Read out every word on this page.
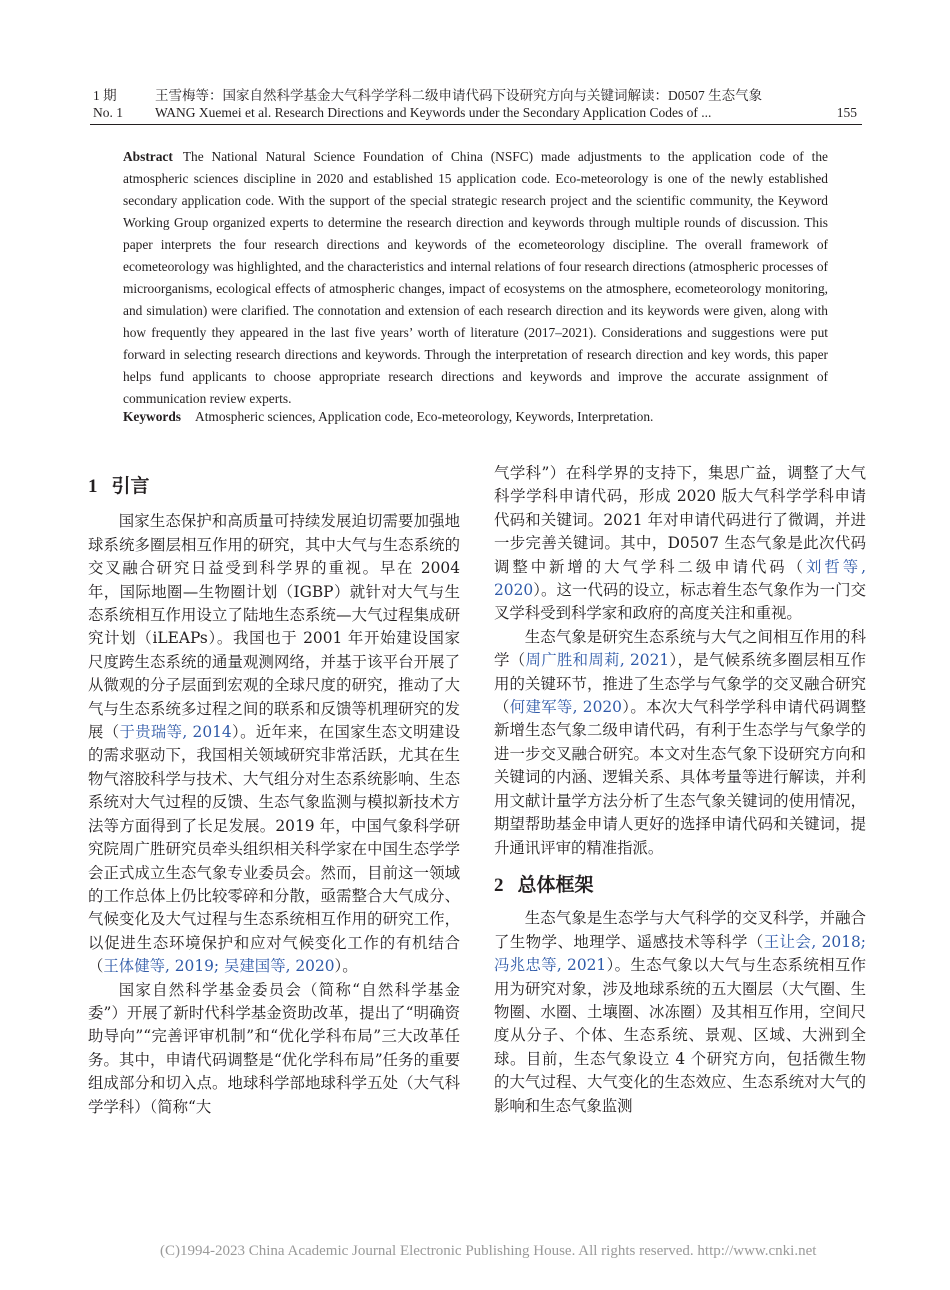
1 期	王雪梅等：国家自然科学基金大气科学学科二级申请代码下设研究方向与关键词解读：D0507 生态气象
No. 1 WANG Xuemei et al. Research Directions and Keywords under the Secondary Application Codes of ...	155
Abstract The National Natural Science Foundation of China (NSFC) made adjustments to the application code of the atmospheric sciences discipline in 2020 and established 15 application code. Eco-meteorology is one of the newly established secondary application code. With the support of the special strategic research project and the scientific community, the Keyword Working Group organized experts to determine the research direction and keywords through multiple rounds of discussion. This paper interprets the four research directions and keywords of the ecometeorology discipline. The overall framework of ecometeorology was highlighted, and the characteristics and internal relations of four research directions (atmospheric processes of microorganisms, ecological effects of atmospheric changes, impact of ecosystems on the atmosphere, ecometeorology monitoring, and simulation) were clarified. The connotation and extension of each research direction and its keywords were given, along with how frequently they appeared in the last five years’ worth of literature (2017–2021). Considerations and suggestions were put forward in selecting research directions and keywords. Through the interpretation of research direction and key words, this paper helps fund applicants to choose appropriate research directions and keywords and improve the accurate assignment of communication review experts.
Keywords Atmospheric sciences, Application code, Eco-meteorology, Keywords, Interpretation.
1 引言

国家生态保护和高质量可持续发展迫切需要加强地球系统多圈层相互作用的研究，其中大气与生态系统的交叉融合研究日益受到科学界的重视。早在 2004 年，国际地圈—生物圈计划（IGBP）就针对大气与生态系统相互作用设立了陆地生态系统—大气过程集成研究计划（iLEAPs）。我国也于 2001 年开始建设国家尺度跨生态系统的通量观测网络，并基于该平台开展了从微观的分子层面到宏观的全球尺度的研究，推动了大气与生态系统多过程之间的联系和反馈等机理研究的发展（于贵瑞等, 2014）。近年来，在国家生态文明建设的需求驱动下，我国相关领域研究非常活跃，尤其在生物气溶胶科学与技术、大气组分对生态系统影响、生态系统对大气过程的反馈、生态气象监测与模拟新技术方法等方面得到了长足发展。2019 年，中国气象科学研究院周广胜研究员牵头组织相关科学家在中国生态学学会正式成立生态气象专业委员会。然而，目前这一领域的工作总体上仍比较零碎和分散，亟需整合大气成分、气候变化及大气过程与生态系统相互作用的研究工作，以促进生态环境保护和应对气候变化工作的有机结合（王体健等, 2019; 吴建国等, 2020）。

国家自然科学基金委员会（简称“自然科学基金委”）开展了新时代科学基金资助改革，提出了“明确资助导向”“完善评审机制”和“优化学科布局”三大改革任务。其中，申请代码调整是“优化学科布局”任务的重要组成部分和切入点。地球科学部地球科学五处（大气科学学科）（简称“大

气学科”）在科学界的支持下，集思广益，调整了大气科学学科申请代码，形成 2020 版大气科学学科申请代码和关键词。2021 年对申请代码进行了微调，并进一步完善关键词。其中，D0507 生态气象是此次代码调整中新增的大气学科二级申请代码（刘哲等, 2020）。这一代码的设立，标志着生态气象作为一门交叉学科受到科学家和政府的高度关注和重视。

生态气象是研究生态系统与大气之间相互作用的科学（周广胜和周莉, 2021），是气候系统多圈层相互作用的关键环节，推进了生态学与气象学的交叉融合研究（何建军等, 2020）。本次大气科学学科申请代码调整新增生态气象二级申请代码，有利于生态学与气象学的进一步交叉融合研究。本文对生态气象下设研究方向和关键词的内涵、逻辑关系、具体考量等进行解读，并利用文献计量学方法分析了生态气象关键词的使用情况，期望帮助基金申请人更好的选择申请代码和关键词，提升通讯评审的精准指派。

2 总体框架

生态气象是生态学与大气科学的交叉科学，并融合了生物学、地理学、遥感技术等科学（王让会, 2018; 冯兆忠等, 2021）。生态气象以大气与生态系统相互作用为研究对象，涉及地球系统的五大圈层（大气圈、生物圈、水圈、土壤圈、冰冻圈）及其相互作用，空间尺度从分子、个体、生态系统、景观、区域、大洲到全球。目前，生态气象设立 4 个研究方向，包括微生物的大气过程、大气变化的生态效应、生态系统对大气的影响和生态气象监测

(C)1994-2023 China Academic Journal Electronic Publishing House. All rights reserved. http://www.cnki.net
